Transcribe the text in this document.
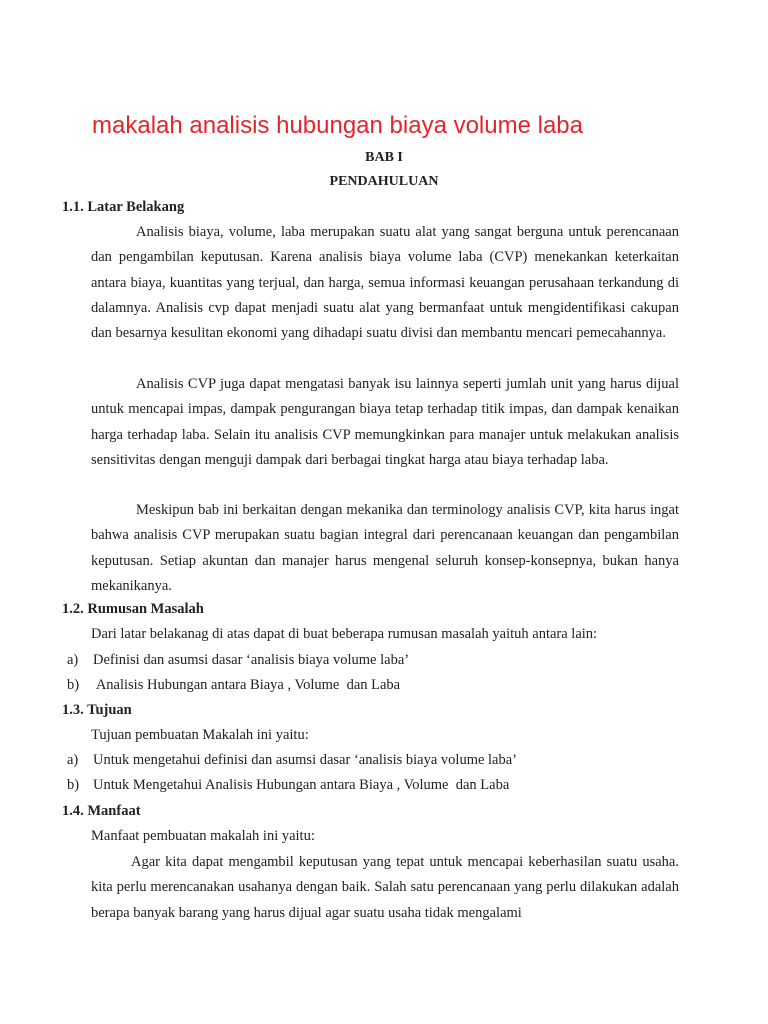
makalah analisis hubungan biaya volume laba
BAB I
PENDAHULUAN
1.1. Latar Belakang

Analisis biaya, volume, laba merupakan suatu alat yang sangat berguna untuk perencanaan dan pengambilan keputusan. Karena analisis biaya volume laba (CVP) menekankan keterkaitan antara biaya, kuantitas yang terjual, dan harga, semua informasi keuangan perusahaan terkandung di dalamnya. Analisis cvp dapat menjadi suatu alat yang bermanfaat untuk mengidentifikasi cakupan dan besarnya kesulitan ekonomi yang dihadapi suatu divisi dan membantu mencari pemecahannya.

Analisis CVP juga dapat mengatasi banyak isu lainnya seperti jumlah unit yang harus dijual untuk mencapai impas, dampak pengurangan biaya tetap terhadap titik impas, dan dampak kenaikan harga terhadap laba. Selain itu analisis CVP memungkinkan para manajer untuk melakukan analisis sensitivitas dengan menguji dampak dari berbagai tingkat harga atau biaya terhadap laba.

Meskipun bab ini berkaitan dengan mekanika dan terminology analisis CVP, kita harus ingat bahwa analisis CVP merupakan suatu bagian integral dari perencanaan keuangan dan pengambilan keputusan. Setiap akuntan dan manajer harus mengenal seluruh konsep-konsepnya, bukan hanya mekanikanya.

1.2. Rumusan Masalah
Dari latar belakanag di atas dapat di buat beberapa rumusan masalah yaituh antara lain:
a) Definisi dan asumsi dasar ‘analisis biaya volume laba’
b) Analisis Hubungan antara Biaya , Volume  dan Laba
1.3. Tujuan
Tujuan pembuatan Makalah ini yaitu:
a) Untuk mengetahui definisi dan asumsi dasar ‘analisis biaya volume laba’
b) Untuk Mengetahui Analisis Hubungan antara Biaya , Volume  dan Laba
1.4. Manfaat
Manfaat pembuatan makalah ini yaitu:

Agar kita dapat mengambil keputusan yang tepat untuk mencapai keberhasilan suatu usaha. kita perlu merencanakan usahanya dengan baik. Salah satu perencanaan yang perlu dilakukan adalah berapa banyak barang yang harus dijual agar suatu usaha tidak mengalami
